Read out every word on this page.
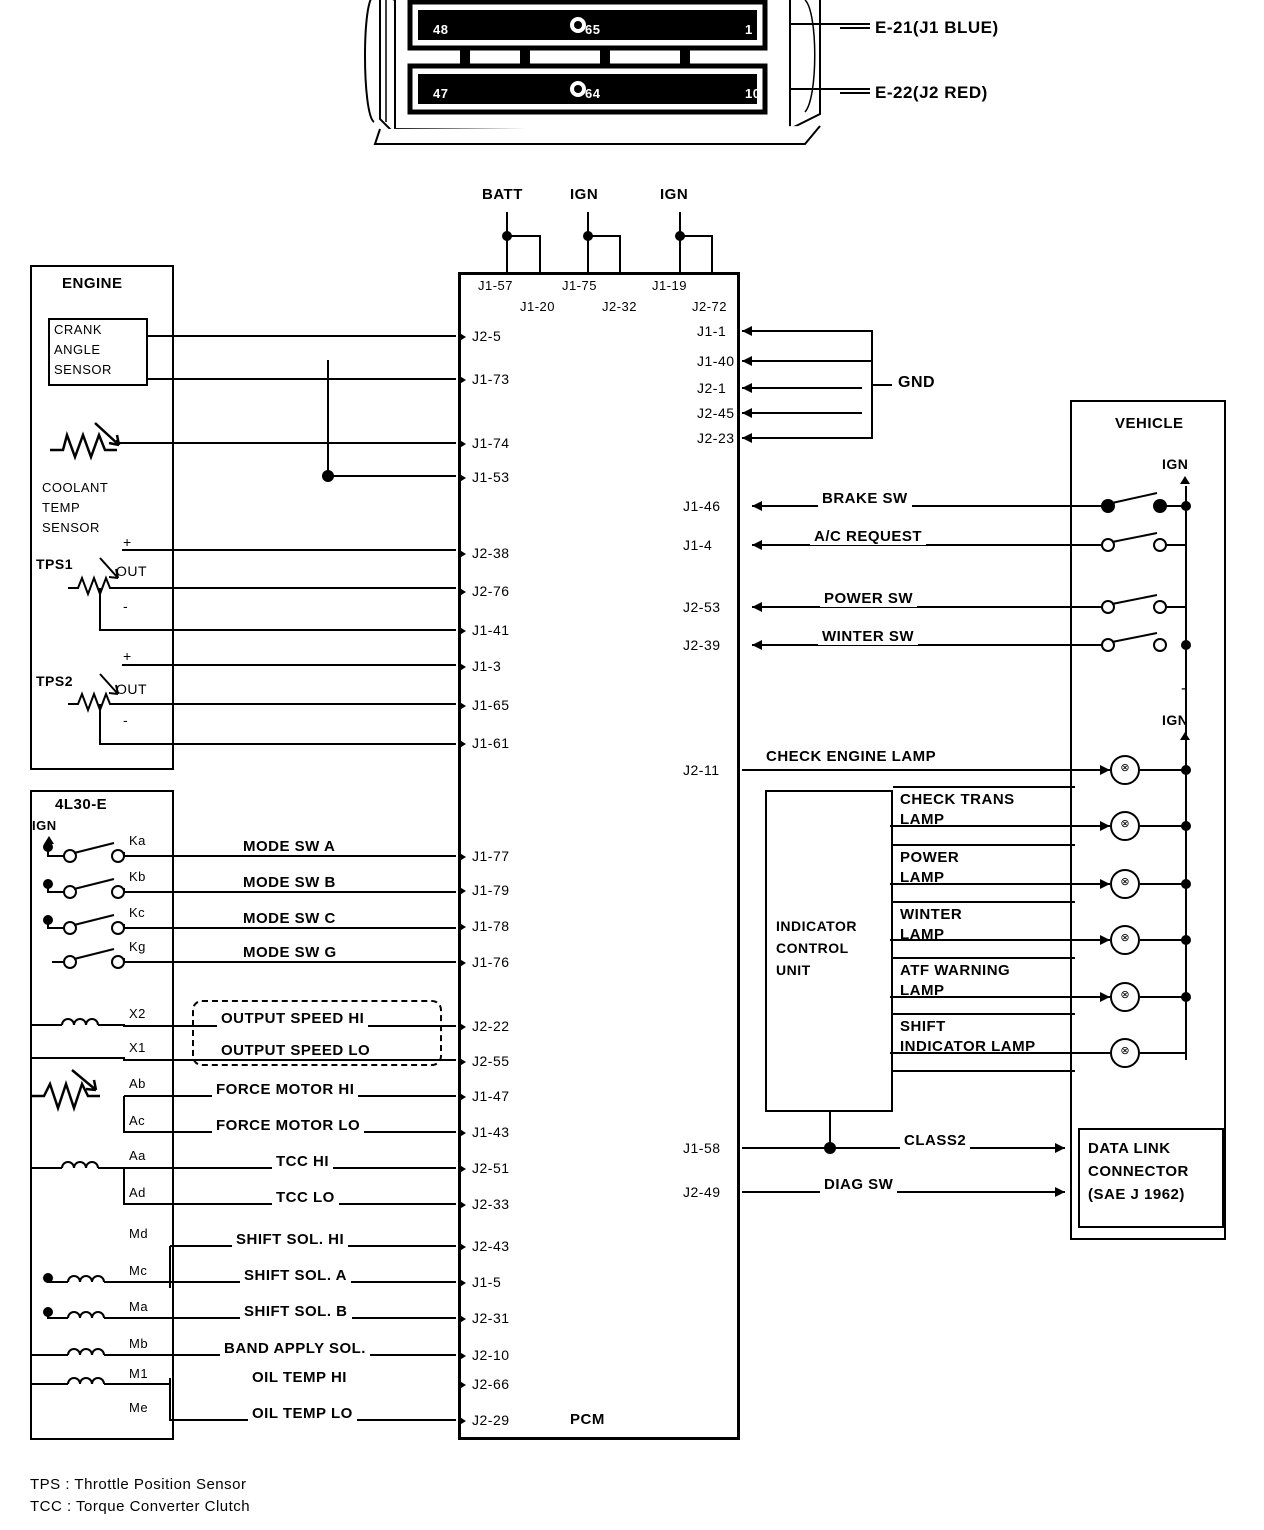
48	65	1
47	64	10
E-21(J1 BLUE)
E-22(J2 RED)
BATT	IGN	IGN
J1-57	J1-75	J1-19
J1-20	J2-32	J2-72
PCM
J2-5
J1-73
J1-74
J1-53
J2-38
J2-76
J1-41
J1-3
J1-65
J1-61
J1-77
J1-79
J1-78
J1-76
J2-22
J2-55
J1-47
J1-43
J2-51
J2-33
J2-43
J1-5
J2-31
J2-10
J2-66
J2-29
J1-1
J1-40
J2-1
J2-45
J2-23
GND
ENGINE
CRANK
ANGLE
SENSOR
COOLANT
TEMP
SENSOR
TPS1
+
OUT
-
TPS2
+
OUT
-
4L30-E
IGN
Ka
Kb
Kc
Kg
MODE SW A
MODE SW B
MODE SW C
MODE SW G
X2
X1
Ab
Ac
Aa
Ad
Md
Mc
Ma
Mb
M1
Me
OUTPUT SPEED HI
OUTPUT SPEED LO
FORCE MOTOR HI
FORCE MOTOR LO
TCC HI
TCC LO
SHIFT SOL. HI
SHIFT SOL. A
SHIFT SOL. B
BAND APPLY SOL.
OIL TEMP HI
OIL TEMP LO
VEHICLE
IGN
-
IGN
J1-46
J1-4
J2-53
J2-39
BRAKE SW
A/C REQUEST
POWER SW
WINTER SW
⊗
⊗
⊗
⊗
⊗
⊗
J2-11
CHECK ENGINE LAMP
INDICATOR
CONTROL
UNIT
CHECK TRANS
LAMP
POWER
LAMP
WINTER
LAMP
ATF WARNING
LAMP
SHIFT
INDICATOR LAMP
J1-58
J2-49
CLASS2
DIAG SW
DATA LINK
CONNECTOR
(SAE J 1962)
TPS : Throttle Position Sensor
TCC : Torque Converter Clutch
